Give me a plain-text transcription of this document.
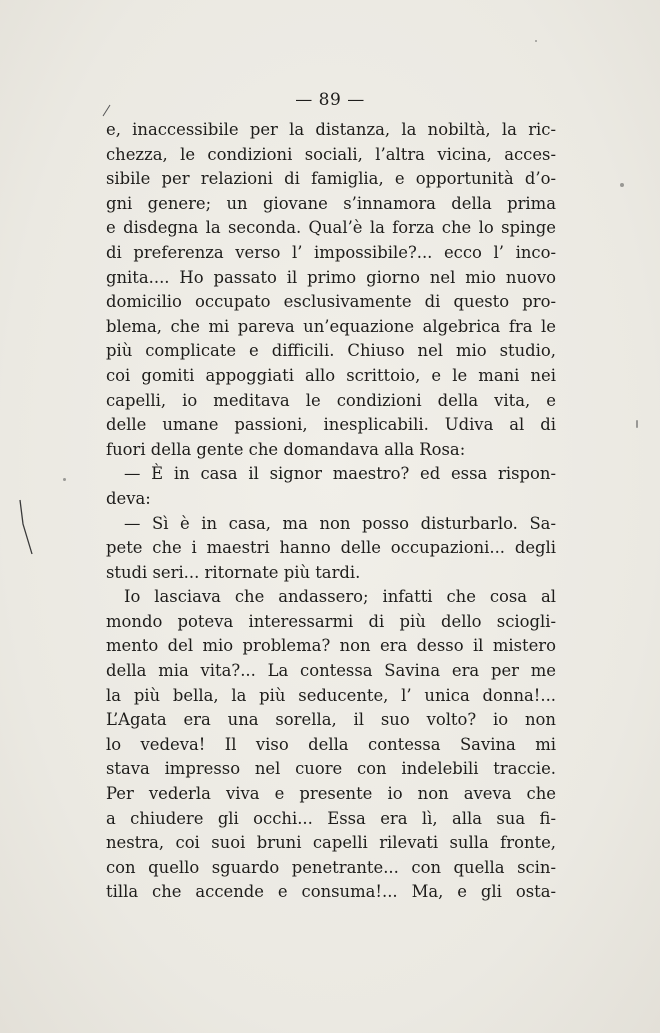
— 89 —
e, inaccessibile per la distanza, la nobiltà, la ric-
chezza, le condizioni sociali, l’altra vicina, acces-
sibile per relazioni di famiglia, e opportunità d’o-
gni genere; un giovane s’innamora della prima
e disdegna la seconda. Qual’è la forza che lo spinge
di preferenza verso l’ impossibile?... ecco l’ inco-
gnita.... Ho passato il primo giorno nel mio nuovo
domicilio occupato esclusivamente di questo pro-
blema, che mi pareva un’equazione algebrica fra le
più complicate e difficili. Chiuso nel mio studio,
coi gomiti appoggiati allo scrittoio, e le mani nei
capelli, io meditava le condizioni della vita, e
delle umane passioni, inesplicabili. Udiva al di
fuori della gente che domandava alla Rosa:
— È in casa il signor maestro? ed essa rispon-
deva:
— Sì è in casa, ma non posso disturbarlo. Sa-
pete che i maestri hanno delle occupazioni... degli
studi seri... ritornate più tardi.
Io lasciava che andassero; infatti che cosa al
mondo poteva interessarmi di più dello sciogli-
mento del mio problema? non era desso il mistero
della mia vita?... La contessa Savina era per me
la più bella, la più seducente, l’ unica donna!...
L’Agata era una sorella, il suo volto? io non
lo vedeva! Il viso della contessa Savina mi
stava impresso nel cuore con indelebili traccie.
Per vederla viva e presente io non aveva che
a chiudere gli occhi... Essa era lì, alla sua fi-
nestra, coi suoi bruni capelli rilevati sulla fronte,
con quello sguardo penetrante... con quella scin-
tilla che accende e consuma!... Ma, e gli osta-
